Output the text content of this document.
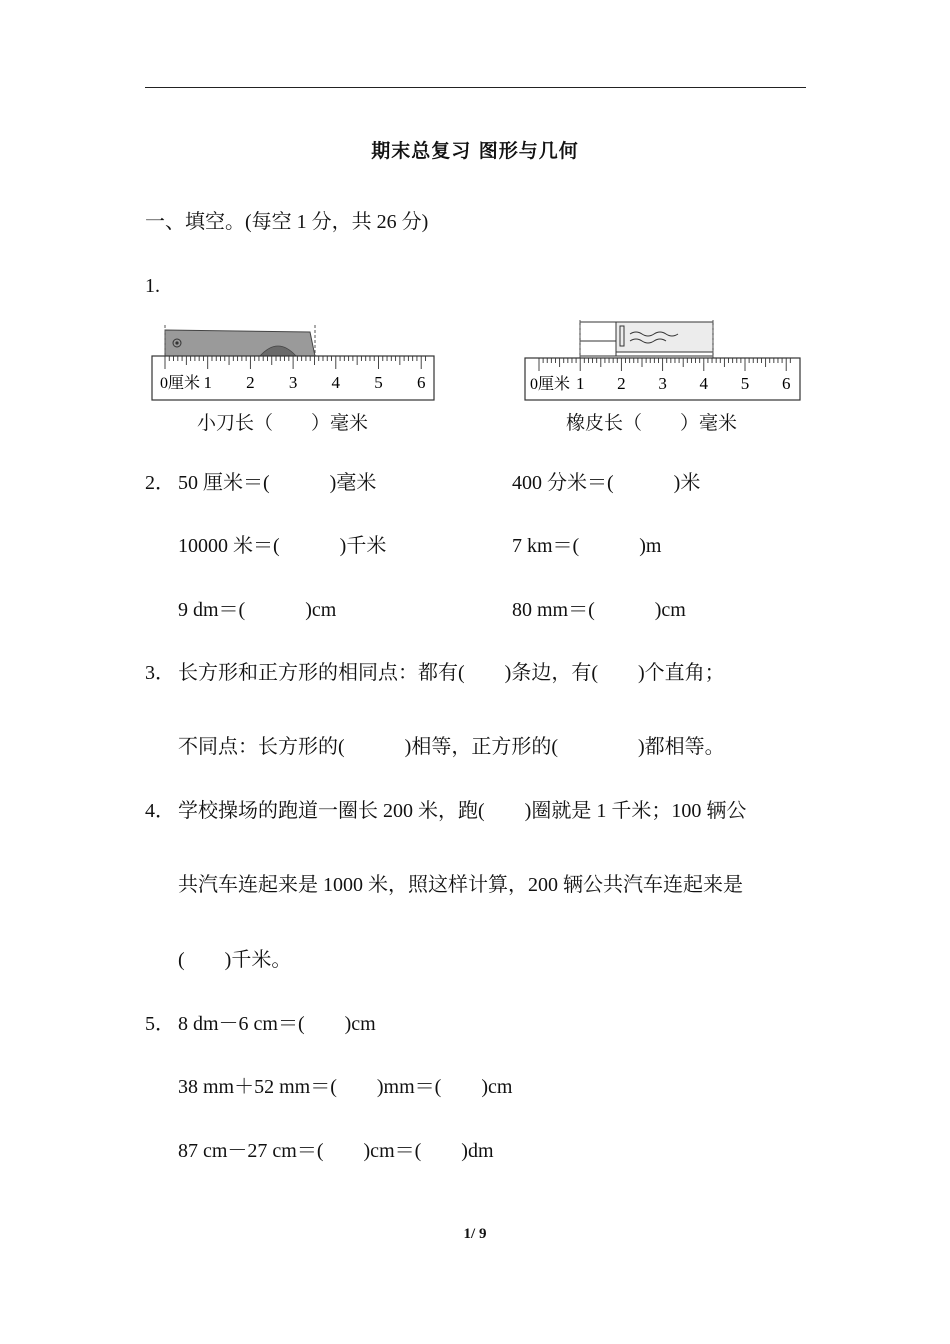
期末总复习 图形与几何
一、填空。(每空 1 分，共 26 分)
1.
0厘米 1 2 3 4 5 6
小刀长（　　）毫米
0厘米 1 2 3 4 5 6
橡皮长（　　）毫米
2． 50 厘米＝(　　　)毫米	400 分米＝(　　　)米
10000 米＝(　　　)千米	7 km＝(　　　)m
9 dm＝(　　　)cm	80 mm＝(　　　)cm
3． 长方形和正方形的相同点：都有(　　)条边，有(　　)个直角；
不同点：长方形的(　　　)相等，正方形的(　　　　)都相等。
4． 学校操场的跑道一圈长 200 米，跑(　　)圈就是 1 千米；100 辆公
共汽车连起来是 1000 米，照这样计算，200 辆公共汽车连起来是
(　　)千米。
5． 8 dm－6 cm＝(　　)cm
38 mm＋52 mm＝(　　)mm＝(　　)cm
87 cm－27 cm＝(　　)cm＝(　　)dm
1/ 9
